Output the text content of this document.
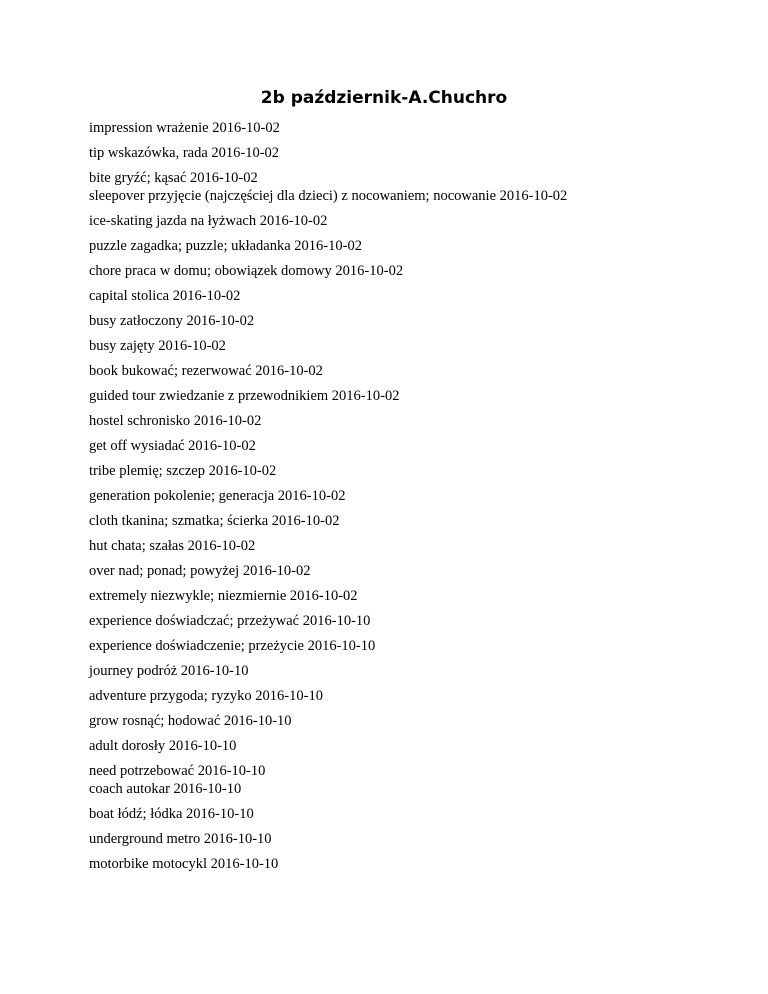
2b październik-A.Chuchro
impression wrażenie 2016-10-02
tip wskazówka, rada 2016-10-02
bite gryźć; kąsać 2016-10-02
sleepover przyjęcie (najczęściej dla dzieci) z nocowaniem; nocowanie 2016-10-02
ice-skating jazda na łyżwach 2016-10-02
puzzle zagadka; puzzle; układanka 2016-10-02
chore praca w domu; obowiązek domowy 2016-10-02
capital stolica 2016-10-02
busy zatłoczony 2016-10-02
busy zajęty 2016-10-02
book bukować; rezerwować 2016-10-02
guided tour zwiedzanie z przewodnikiem 2016-10-02
hostel schronisko 2016-10-02
get off wysiadać 2016-10-02
tribe plemię; szczep 2016-10-02
generation pokolenie; generacja 2016-10-02
cloth tkanina; szmatka; ścierka 2016-10-02
hut chata; szałas 2016-10-02
over nad; ponad; powyżej 2016-10-02
extremely niezwykle; niezmiernie 2016-10-02
experience doświadczać; przeżywać 2016-10-10
experience doświadczenie; przeżycie 2016-10-10
journey podróż 2016-10-10
adventure przygoda; ryzyko 2016-10-10
grow rosnąć; hodować 2016-10-10
adult dorosły 2016-10-10
need potrzebować 2016-10-10
coach autokar 2016-10-10
boat łódź; łódka 2016-10-10
underground metro 2016-10-10
motorbike motocykl 2016-10-10
